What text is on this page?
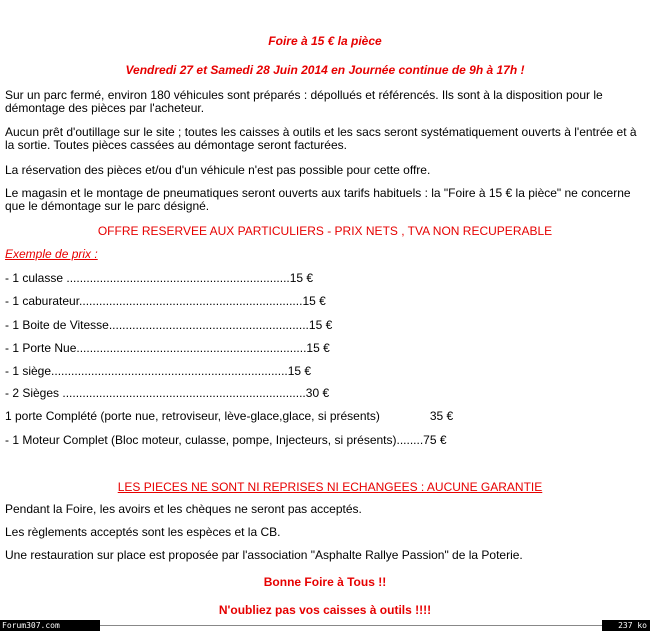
Foire à 15 € la pièce
Vendredi 27 et Samedi 28 Juin 2014 en Journée continue de 9h à 17h !
Sur un parc fermé, environ 180 véhicules sont préparés : dépollués et référencés. Ils sont à la disposition pour le démontage des pièces par l'acheteur.
Aucun prêt d'outillage sur le site ; toutes les caisses à outils et les sacs seront systématiquement ouverts à l'entrée et à la sortie. Toutes pièces cassées au démontage seront facturées.
La réservation des pièces et/ou d'un véhicule n'est pas possible pour cette offre.
Le magasin et le montage de pneumatiques seront ouverts aux tarifs habituels : la "Foire à 15 € la pièce" ne concerne que le démontage sur le parc désigné.
OFFRE RESERVEE AUX PARTICULIERS - PRIX NETS , TVA NON RECUPERABLE
Exemple de prix :
- 1 culasse ...................................................................15 €
- 1 caburateur...................................................................15 €
- 1 Boite de Vitesse............................................................15 €
- 1 Porte Nue.....................................................................15 €
- 1 siège.......................................................................15 €
- 2 Sièges .........................................................................30 €
1 porte Complété (porte nue, retroviseur, lève-glace,glace, si présents)	35 €
- 1 Moteur Complet (Bloc moteur, culasse, pompe, Injecteurs, si présents)........75 €
LES PIECES NE SONT NI REPRISES NI ECHANGEES : AUCUNE GARANTIE
Pendant la Foire, les avoirs et les chèques ne seront pas acceptés.
Les règlements acceptés sont les espèces et la CB.
Une restauration sur place est proposée par l'association "Asphalte Rallye Passion" de la Poterie.
Bonne Foire à Tous !!
N'oubliez pas vos caisses à outils !!!!
Forum307.com	237 ko
